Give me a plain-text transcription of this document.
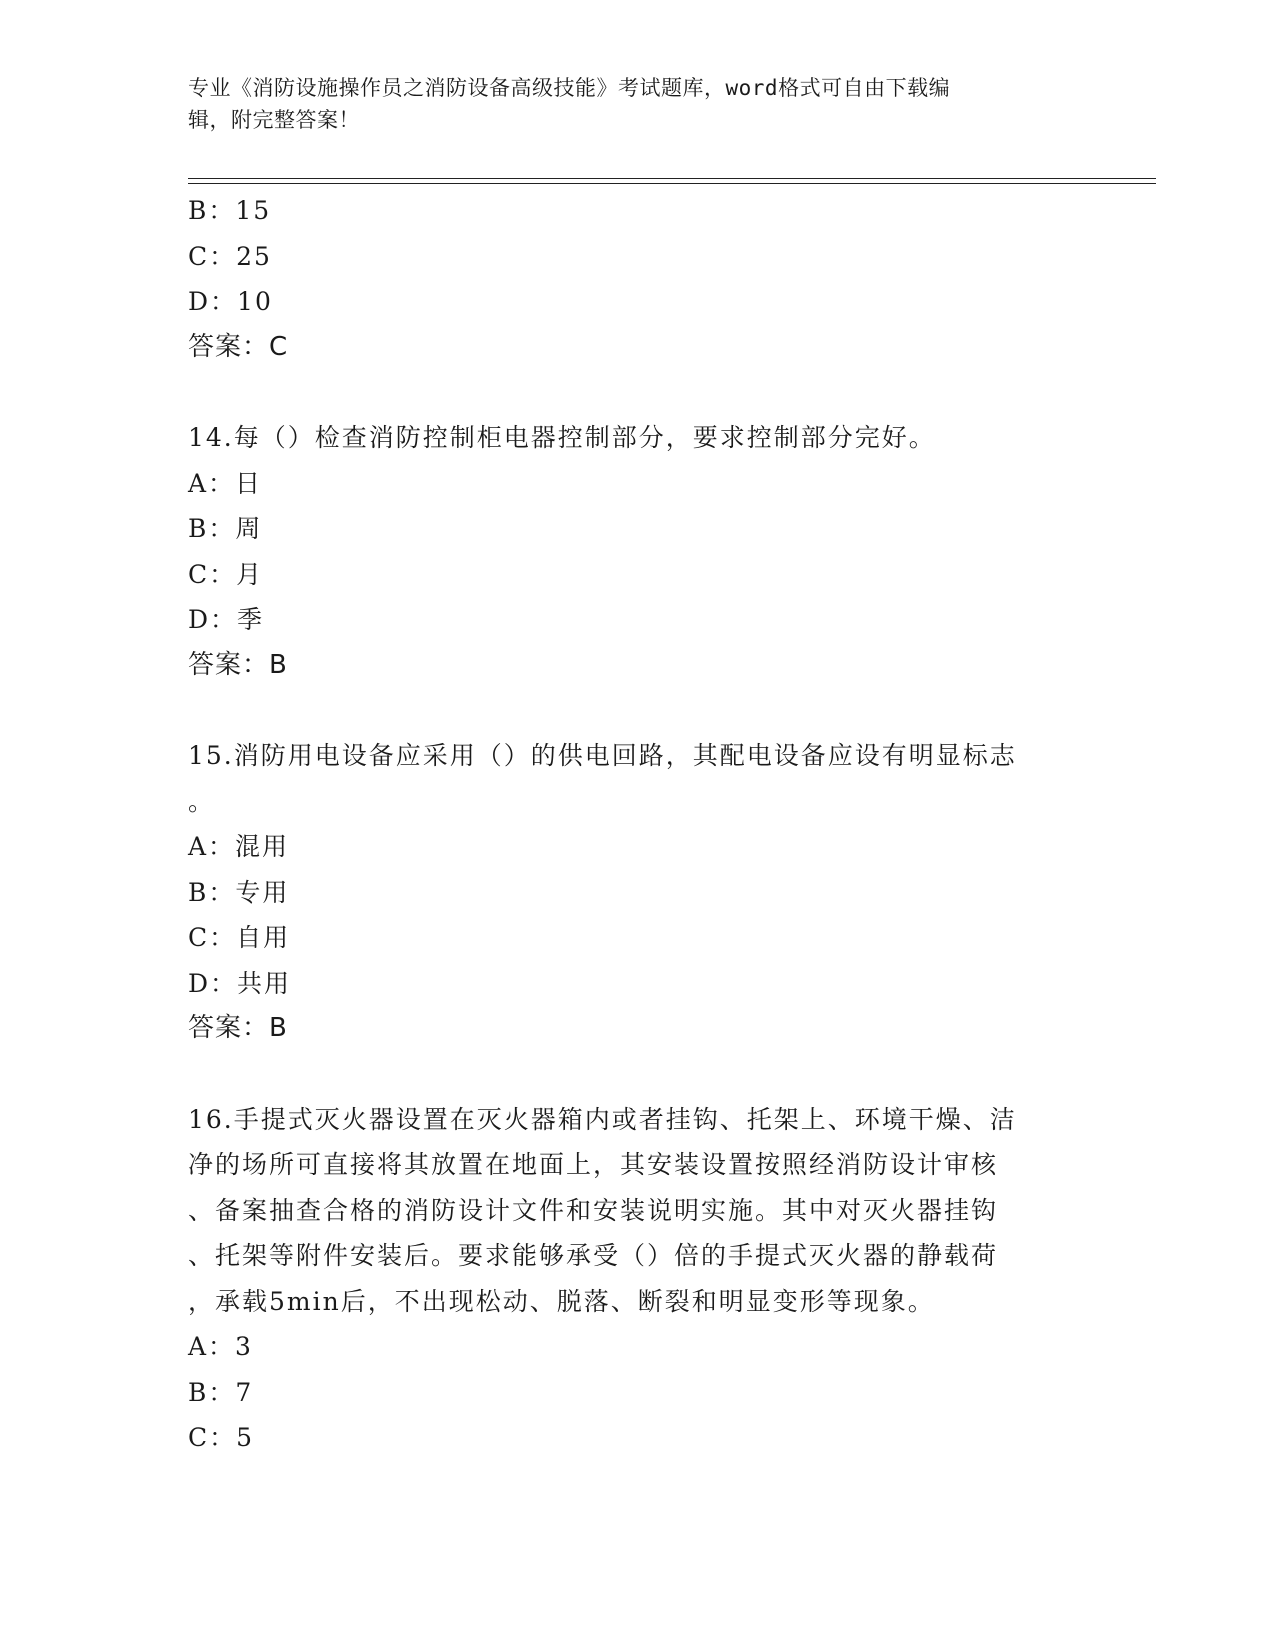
专业《消防设施操作员之消防设备高级技能》考试题库，word格式可自由下载编
辑，附完整答案！
B：15
C：25
D：10
答案：C
14.每（）检查消防控制柜电器控制部分，要求控制部分完好。
A：日
B：周
C：月
D：季
答案：B
15.消防用电设备应采用（）的供电回路，其配电设备应设有明显标志
。
A：混用
B：专用
C：自用
D：共用
答案：B
16.手提式灭火器设置在灭火器箱内或者挂钩、托架上、环境干燥、洁
净的场所可直接将其放置在地面上，其安装设置按照经消防设计审核
、备案抽查合格的消防设计文件和安装说明实施。其中对灭火器挂钩
、托架等附件安装后。要求能够承受（）倍的手提式灭火器的静载荷
，承载5min后，不出现松动、脱落、断裂和明显变形等现象。
A：3
B：7
C：5
